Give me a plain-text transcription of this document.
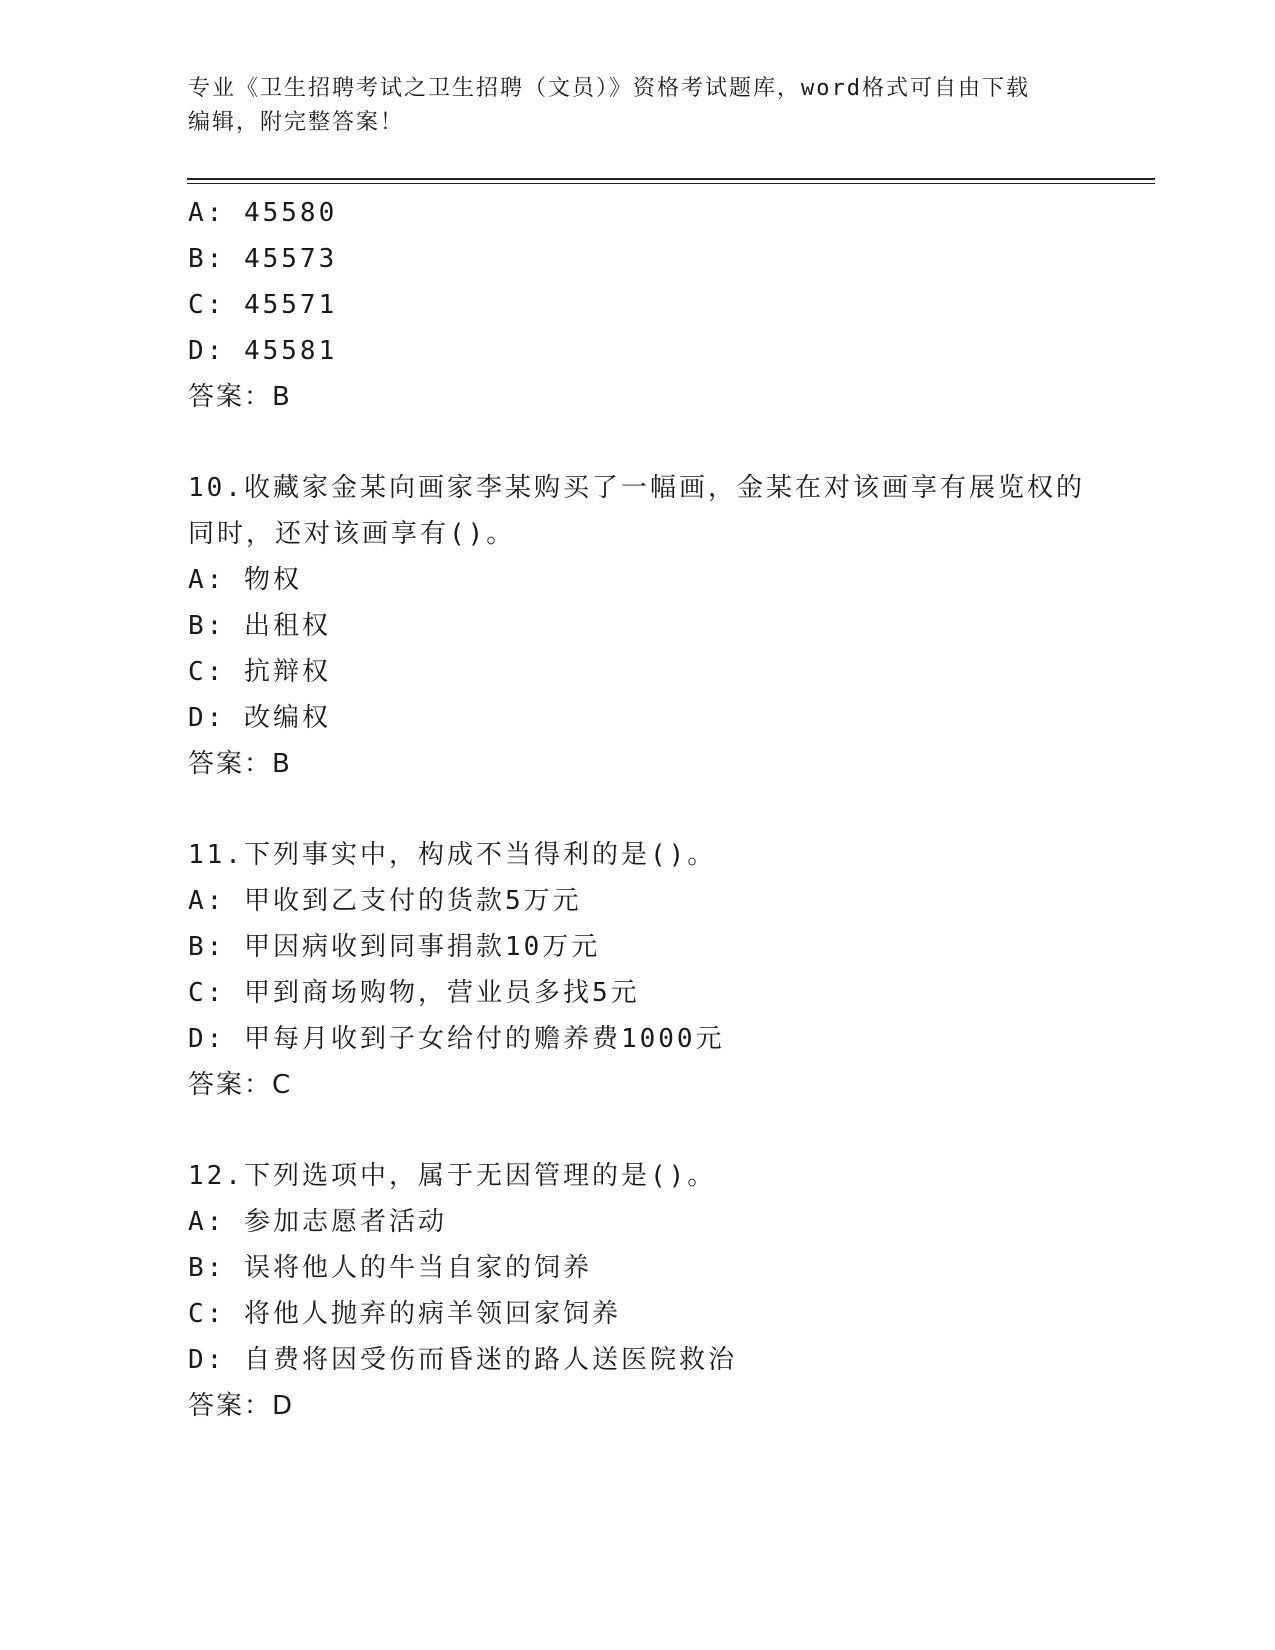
专业《卫生招聘考试之卫生招聘（文员）》资格考试题库，word格式可自由下载
编辑，附完整答案！
A: 45580
B: 45573
C: 45571
D: 45581
答案：B
10.收藏家金某向画家李某购买了一幅画，金某在对该画享有展览权的
同时，还对该画享有()。
A: 物权
B: 出租权
C: 抗辩权
D: 改编权
答案：B
11.下列事实中，构成不当得利的是()。
A: 甲收到乙支付的货款5万元
B: 甲因病收到同事捐款10万元
C: 甲到商场购物，营业员多找5元
D: 甲每月收到子女给付的赡养费1000元
答案：C
12.下列选项中，属于无因管理的是()。
A: 参加志愿者活动
B: 误将他人的牛当自家的饲养
C: 将他人抛弃的病羊领回家饲养
D: 自费将因受伤而昏迷的路人送医院救治
答案：D
